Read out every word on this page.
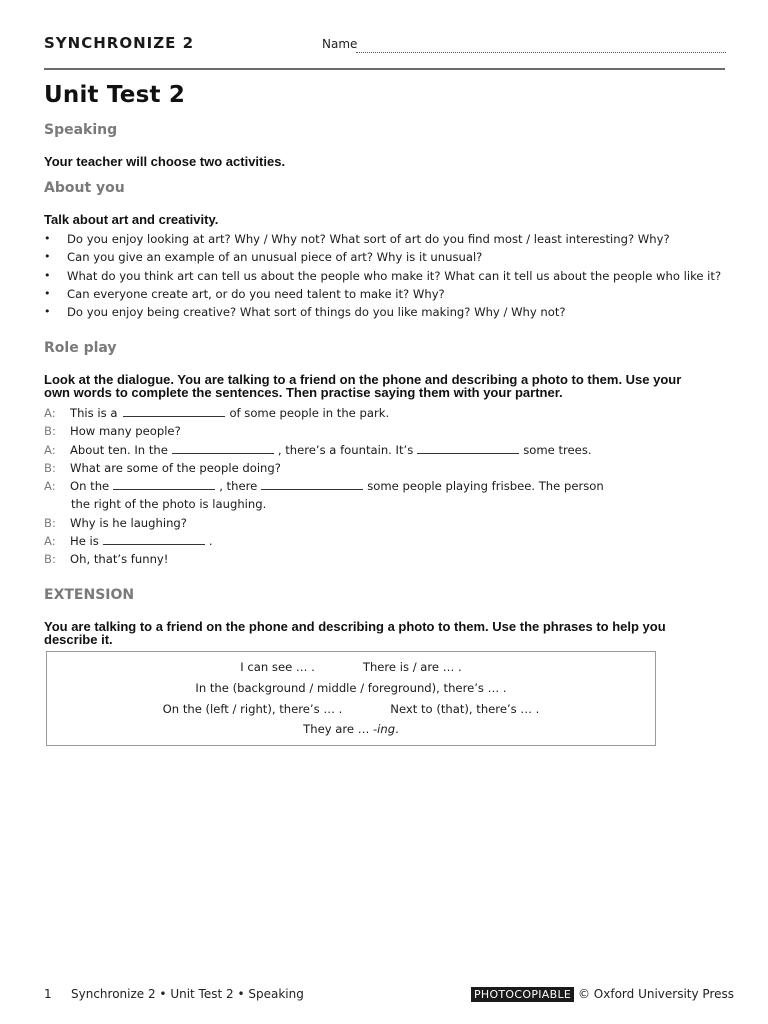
SYNCHRONIZE 2	Name
Unit Test 2
Speaking
Your teacher will choose two activities.
About you
Talk about art and creativity.
• Do you enjoy looking at art? Why / Why not? What sort of art do you find most / least interesting? Why?
• Can you give an example of an unusual piece of art? Why is it unusual?
• What do you think art can tell us about the people who make it? What can it tell us about the people who like it?
• Can everyone create art, or do you need talent to make it? Why?
• Do you enjoy being creative? What sort of things do you like making? Why / Why not?
Role play
Look at the dialogue. You are talking to a friend on the phone and describing a photo to them. Use your own words to complete the sentences. Then practise saying them with your partner.
A:	This is a	of some people in the park.
B:	How many people?
A:	About ten. In the	, there’s a fountain. It’s	some trees.
B:	What are some of the people doing?
A:	On the	, there	some people playing frisbee. The person
the right of the photo is laughing.
B:	Why is he laughing?
A:	He is	.
B:	Oh, that’s funny!
EXTENSION
You are talking to a friend on the phone and describing a photo to them. Use the phrases to help you describe it.
I can see … .	There is / are … .
In the (background / middle / foreground), there’s … .
On the (left / right), there’s … .	Next to (that), there’s … .
They are … -ing.
1 Synchronize 2 • Unit Test 2 • Speaking	PHOTOCOPIABLE © Oxford University Press
